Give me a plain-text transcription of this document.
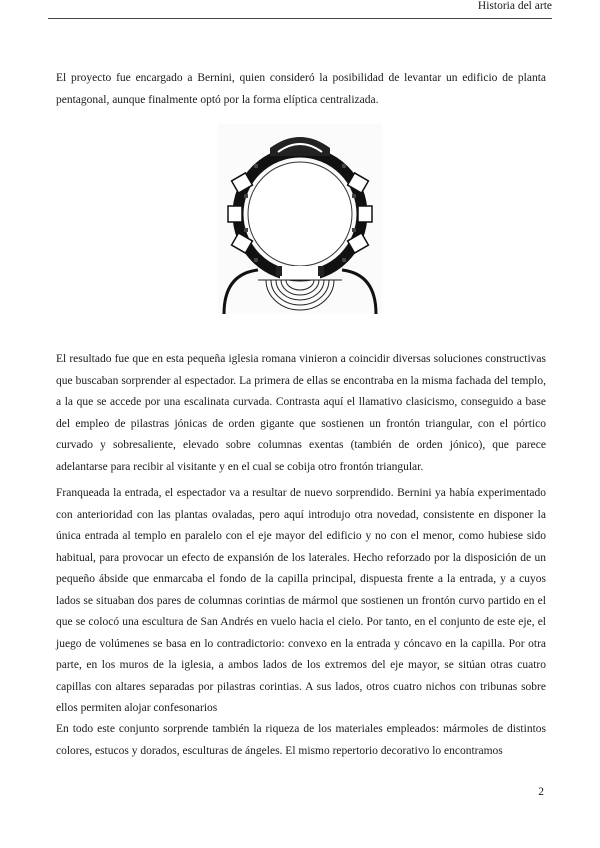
Historia del arte

El proyecto fue encargado a Bernini, quien consideró la posibilidad de levantar un edificio de planta pentagonal, aunque finalmente optó por la forma elíptica centralizada.

El resultado fue que en esta pequeña iglesia romana vinieron a coincidir diversas soluciones constructivas que buscaban sorprender al espectador. La primera de ellas se encontraba en la misma fachada del templo, a la que se accede por una escalinata curvada. Contrasta aquí el llamativo clasicismo, conseguido a base del empleo de pilastras jónicas de orden gigante que sostienen un frontón triangular, con el pórtico curvado y sobresaliente, elevado sobre columnas exentas (también de orden jónico), que parece adelantarse para recibir al visitante y en el cual se cobija otro frontón triangular.

Franqueada la entrada, el espectador va a resultar de nuevo sorprendido. Bernini ya había experimentado con anterioridad con las plantas ovaladas, pero aquí introdujo otra novedad, consistente en disponer la única entrada al templo en paralelo con el eje mayor del edificio y no con el menor, como hubiese sido habitual, para provocar un efecto de expansión de los laterales. Hecho reforzado por la disposición de un pequeño ábside que enmarcaba el fondo de la capilla principal, dispuesta frente a la entrada, y a cuyos lados se situaban dos pares de columnas corintias de mármol que sostienen un frontón curvo partido en el que se colocó una escultura de San Andrés en vuelo hacia el cielo. Por tanto, en el conjunto de este eje, el juego de volúmenes se basa en lo contradictorio: convexo en la entrada y cóncavo en la capilla. Por otra parte, en los muros de la iglesia, a ambos lados de los extremos del eje mayor, se sitúan otras cuatro capillas con altares separadas por pilastras corintias. A sus lados, otros cuatro nichos con tribunas sobre ellos permiten alojar confesonarios

En todo este conjunto sorprende también la riqueza de los materiales empleados: mármoles de distintos colores, estucos y dorados, esculturas de ángeles. El mismo repertorio decorativo lo encontramos

2
